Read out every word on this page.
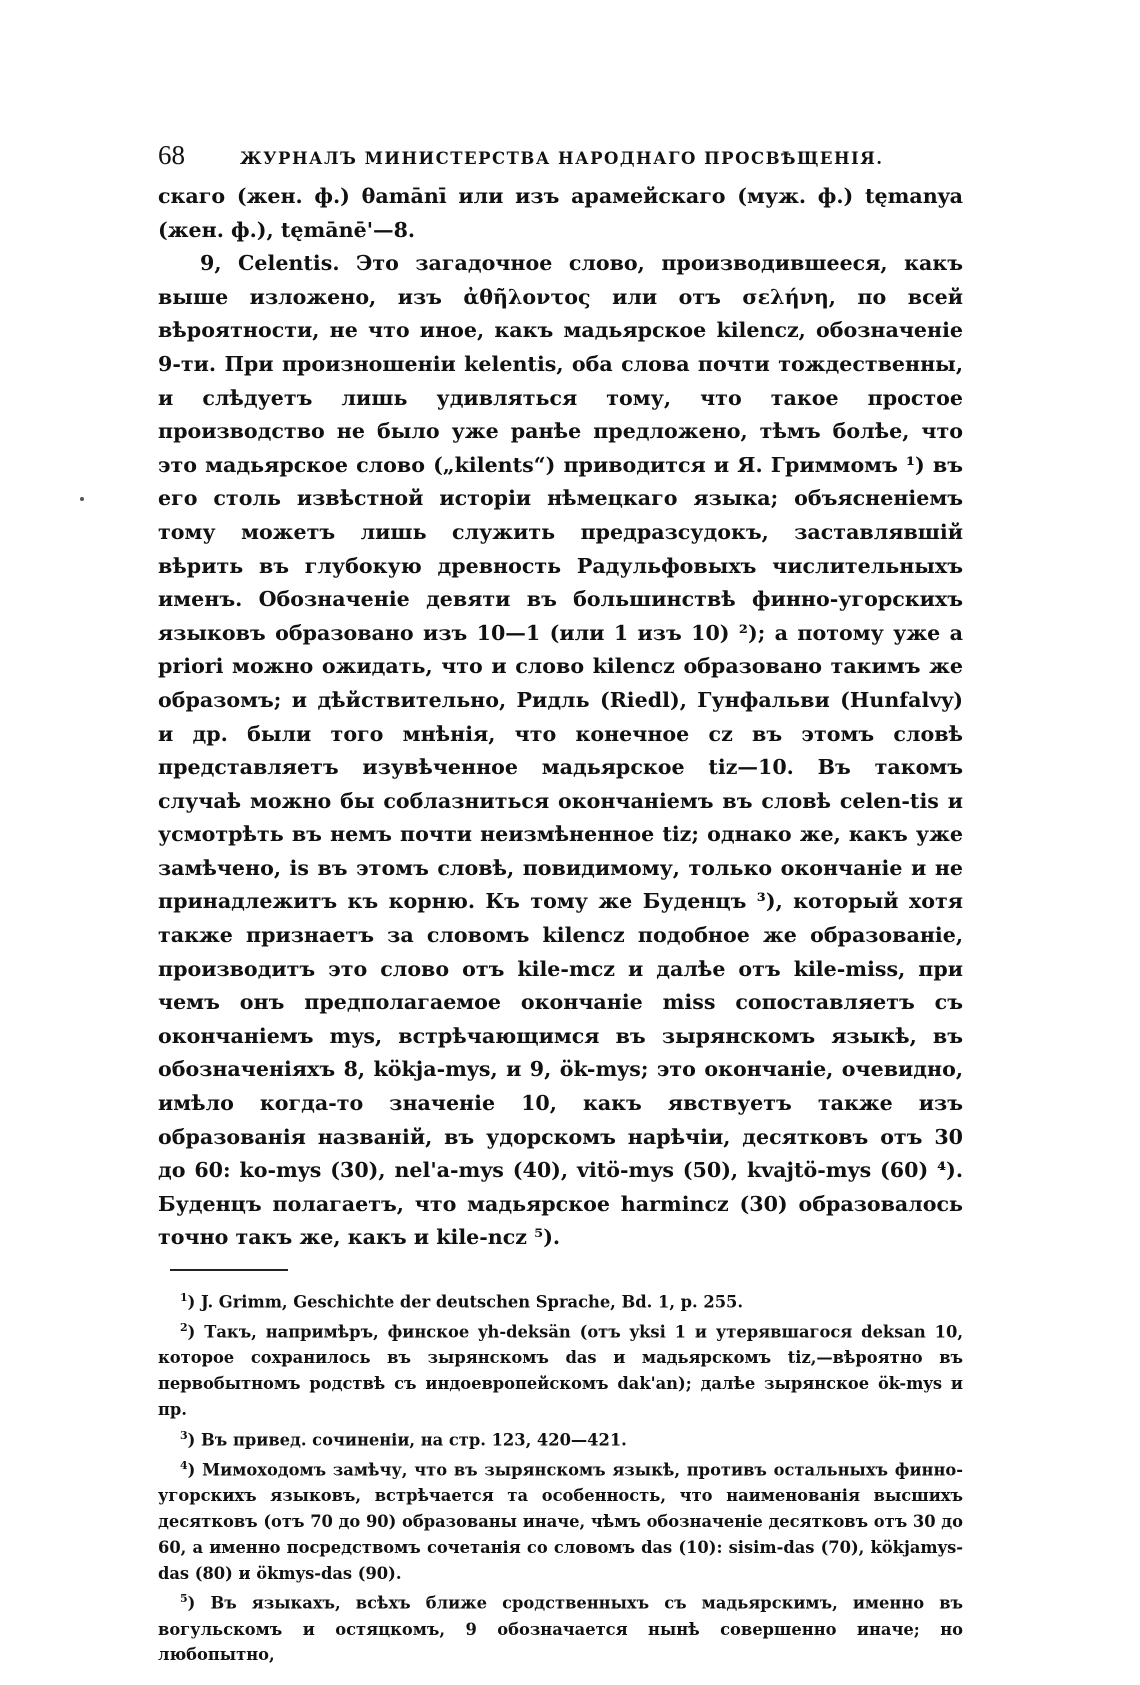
68	ЖУРНАЛЪ МИНИСТЕРСТВА НАРОДНАГО ПРОСВѢЩЕНІЯ.

скаго (жен. ф.) θamānī или изъ арамейскаго (муж. ф.) tęmanya (жен. ф.), tęmānē'—8.

9, Celentis. Это загадочное слово, производившееся, какъ выше изложено, изъ ἀθῆλοντος или отъ σελήνη, по всей вѣроятности, не что иное, какъ мадьярское kilencz, обозначеніе 9-ти. При произношеніи kelentis, оба слова почти тождественны, и слѣдуетъ лишь удивляться тому, что такое простое производство не было уже ранѣе предложено, тѣмъ болѣе, что это мадьярское слово („kilents“) приводится и Я. Гриммомъ ¹) въ его столь извѣстной исторіи нѣмецкаго языка; объясненіемъ тому можетъ лишь служить предразсудокъ, заставлявшій вѣрить въ глубокую древность Радульфовыхъ числительныхъ именъ. Обозначеніе девяти въ большинствѣ финно-угорскихъ языковъ образовано изъ 10—1 (или 1 изъ 10) ²); а потому уже а priori можно ожидать, что и слово kilencz образовано такимъ же образомъ; и дѣйствительно, Ридль (Riedl), Гунфальви (Hunfalvy) и др. были того мнѣнія, что конечное cz въ этомъ словѣ представляетъ изувѣченное мадьярское tiz—10. Въ такомъ случаѣ можно бы соблазниться окончаніемъ въ словѣ celen-tis и усмотрѣть въ немъ почти неизмѣненное tiz; однако же, какъ уже замѣчено, is въ этомъ словѣ, повидимому, только окончаніе и не принадлежитъ къ корню. Къ тому же Буденцъ ³), который хотя также признаетъ за словомъ kilencz подобное же образованіе, производитъ это слово отъ kile-mcz и далѣе отъ kile-miss, при чемъ онъ предполагаемое окончаніе miss сопоставляетъ съ окончаніемъ mys, встрѣчающимся въ зырянскомъ языкѣ, въ обозначеніяхъ 8, kökja-mys, и 9, ök-mys; это окончаніе, очевидно, имѣло когда-то значеніе 10, какъ явствуетъ также изъ образованія названій, въ удорскомъ нарѣчіи, десятковъ отъ 30 до 60: ko-mys (30), nel'a-mys (40), vitö-mys (50), kvajtö-mys (60) ⁴). Буденцъ полагаетъ, что мадьярское harmincz (30) образовалось точно такъ же, какъ и kile-ncz ⁵).

$^1$) J. Grimm, Geschichte der deutschen Sprache, Bd. 1, p. 255.

$^2$) Такъ, напримѣръ, финское yh-deksän (отъ yksi 1 и утерявшагося deksan 10, которое сохранилось въ зырянскомъ das и мадьярскомъ tiz,—вѣроятно въ первобытномъ родствѣ съ индоевропейскомъ dak'an); далѣе зырянское ök-mys и пр.

$^3$) Въ привед. сочиненіи, на стр. 123, 420—421.

$^4$) Мимоходомъ замѣчу, что въ зырянскомъ языкѣ, противъ остальныхъ финно-угорскихъ языковъ, встрѣчается та особенность, что наименованія высшихъ десятковъ (отъ 70 до 90) образованы иначе, чѣмъ обозначеніе десятковъ отъ 30 до 60, а именно посредствомъ сочетанія со словомъ das (10): sisim-das (70), kökjamys-das (80) и ökmys-das (90).

$^5$) Въ языкахъ, всѣхъ ближе сродственныхъ съ мадьярскимъ, именно въ вогульскомъ и остяцкомъ, 9 обозначается нынѣ совершенно иначе; но любопытно,
